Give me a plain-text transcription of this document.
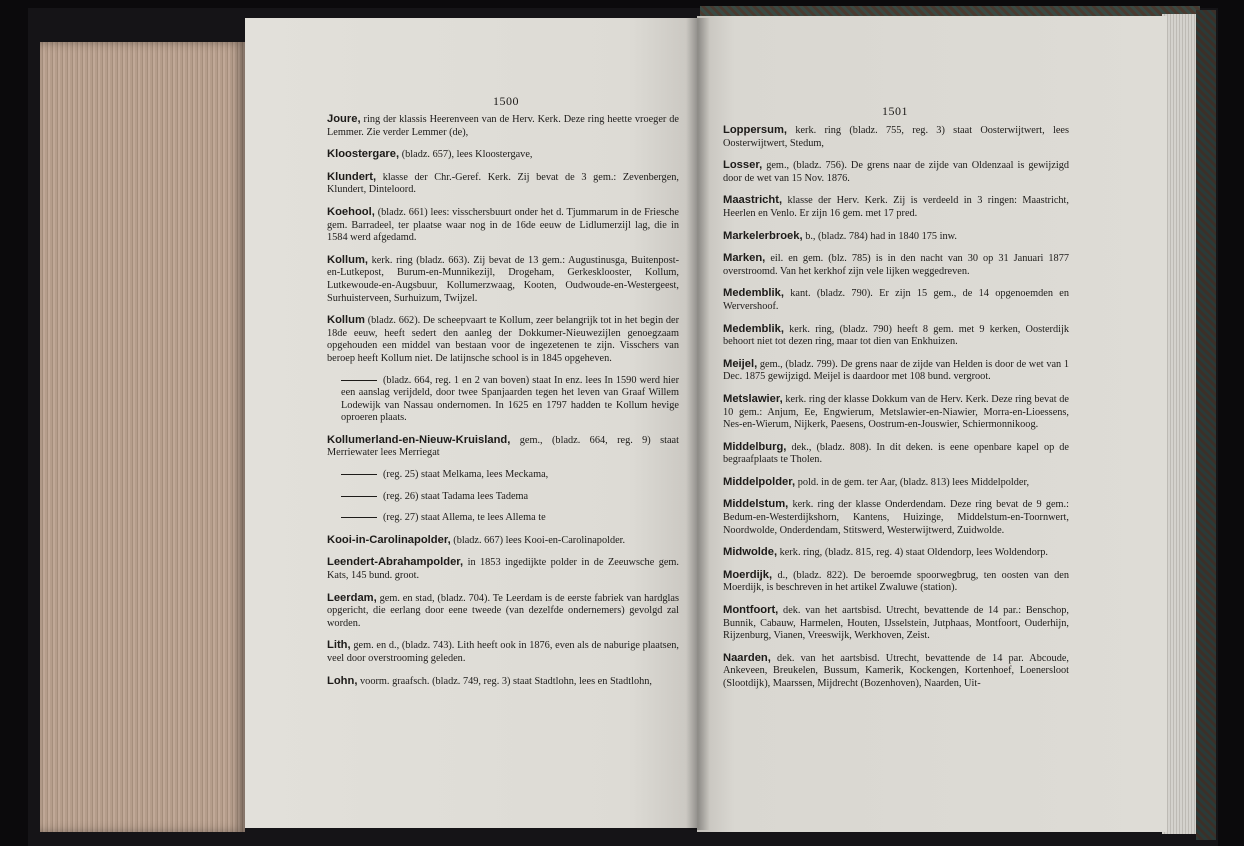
1500

Joure, ring der klassis Heerenveen van de Herv. Kerk. Deze ring heette vroeger de Lemmer. Zie verder Lemmer (de),

Kloostergare, (bladz. 657), lees Kloostergave,

Klundert, klasse der Chr.-Geref. Kerk. Zij bevat de 3 gem.: Zevenbergen, Klundert, Dinteloord.

Koehool, (bladz. 661) lees: visschersbuurt onder het d. Tjummarum in de Friesche gem. Barradeel, ter plaatse waar nog in de 16de eeuw de Lidlumerzijl lag, die in 1584 werd afgedamd.

Kollum, kerk. ring (bladz. 663). Zij bevat de 13 gem.: Augustinusga, Buitenpost-en-Lutkepost, Burum-en-Munnikezijl, Drogeham, Gerkesklooster, Kollum, Lutkewoude-en-Augsbuur, Kollumerzwaag, Kooten, Oudwoude-en-Westergeest, Surhuisterveen, Surhuizum, Twijzel.

Kollum (bladz. 662). De scheepvaart te Kollum, zeer belangrijk tot in het begin der 18de eeuw, heeft sedert den aanleg der Dokkumer-Nieuwezijlen genoegzaam opgehouden een middel van bestaan voor de ingezetenen te zijn. Visschers van beroep heeft Kollum niet. De latijnsche school is in 1845 opgeheven.

(bladz. 664, reg. 1 en 2 van boven) staat In enz. lees In 1590 werd hier een aanslag verijdeld, door twee Spanjaarden tegen het leven van Graaf Willem Lodewijk van Nassau ondernomen. In 1625 en 1797 hadden te Kollum hevige oproeren plaats.

Kollumerland-en-Nieuw-Kruisland, gem., (bladz. 664, reg. 9) staat Merriewater lees Merriegat

(reg. 25) staat Melkama, lees Meckama,

(reg. 26) staat Tadama lees Tadema

(reg. 27) staat Allema, te lees Allema te

Kooi-in-Carolinapolder, (bladz. 667) lees Kooi-en-Carolinapolder.

Leendert-Abrahampolder, in 1853 ingedijkte polder in de Zeeuwsche gem. Kats, 145 bund. groot.

Leerdam, gem. en stad, (bladz. 704). Te Leerdam is de eerste fabriek van hardglas opgericht, die eerlang door eene tweede (van dezelfde ondernemers) gevolgd zal worden.

Lith, gem. en d., (bladz. 743). Lith heeft ook in 1876, even als de naburige plaatsen, veel door overstrooming geleden.

Lohn, voorm. graafsch. (bladz. 749, reg. 3) staat Stadtlohn, lees en Stadtlohn,

1501

Loppersum, kerk. ring (bladz. 755, reg. 3) staat Oosterwijtwert, lees Oosterwijtwert, Stedum,

Losser, gem., (bladz. 756). De grens naar de zijde van Oldenzaal is gewijzigd door de wet van 15 Nov. 1876.

Maastricht, klasse der Herv. Kerk. Zij is verdeeld in 3 ringen: Maastricht, Heerlen en Venlo. Er zijn 16 gem. met 17 pred.

Markelerbroek, b., (bladz. 784) had in 1840 175 inw.

Marken, eil. en gem. (blz. 785) is in den nacht van 30 op 31 Januari 1877 overstroomd. Van het kerkhof zijn vele lijken weggedreven.

Medemblik, kant. (bladz. 790). Er zijn 15 gem., de 14 opgenoemden en Wervershoof.

Medemblik, kerk. ring, (bladz. 790) heeft 8 gem. met 9 kerken, Oosterdijk behoort niet tot dezen ring, maar tot dien van Enkhuizen.

Meijel, gem., (bladz. 799). De grens naar de zijde van Helden is door de wet van 1 Dec. 1875 gewijzigd. Meijel is daardoor met 108 bund. vergroot.

Metslawier, kerk. ring der klasse Dokkum van de Herv. Kerk. Deze ring bevat de 10 gem.: Anjum, Ee, Engwierum, Metslawier-en-Niawier, Morra-en-Lioessens, Nes-en-Wierum, Nijkerk, Paesens, Oostrum-en-Jouswier, Schiermonnikoog.

Middelburg, dek., (bladz. 808). In dit deken. is eene openbare kapel op de begraafplaats te Tholen.

Middelpolder, pold. in de gem. ter Aar, (bladz. 813) lees Middelpolder,

Middelstum, kerk. ring der klasse Onderdendam. Deze ring bevat de 9 gem.: Bedum-en-Westerdijkshorn, Kantens, Huizinge, Middelstum-en-Toornwert, Noordwolde, Onderdendam, Stitswerd, Westerwijtwerd, Zuidwolde.

Midwolde, kerk. ring, (bladz. 815, reg. 4) staat Oldendorp, lees Woldendorp.

Moerdijk, d., (bladz. 822). De beroemde spoorwegbrug, ten oosten van den Moerdijk, is beschreven in het artikel Zwaluwe (station).

Montfoort, dek. van het aartsbisd. Utrecht, bevattende de 14 par.: Benschop, Bunnik, Cabauw, Harmelen, Houten, IJsselstein, Jutphaas, Montfoort, Ouderhijn, Rijzenburg, Vianen, Vreeswijk, Werkhoven, Zeist.

Naarden, dek. van het aartsbisd. Utrecht, bevattende de 14 par. Abcoude, Ankeveen, Breukelen, Bussum, Kamerik, Kockengen, Kortenhoef, Loenersloot (Slootdijk), Maarssen, Mijdrecht (Bozenhoven), Naarden, Uit-
